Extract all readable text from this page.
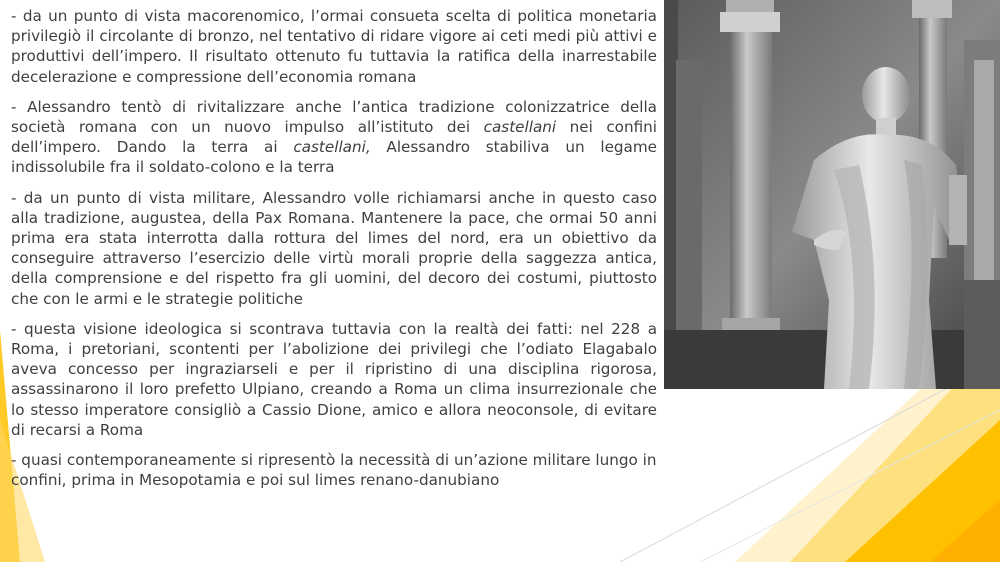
- da un punto di vista macorenomico, l’ormai consueta scelta di politica monetaria privilegiò il circolante di bronzo, nel tentativo di ridare vigore ai ceti medi più attivi e produttivi dell’impero. Il risultato ottenuto fu tuttavia la ratifica della inarrestabile decelerazione e compressione dell’economia romana

- Alessandro tentò di rivitalizzare anche l’antica tradizione colonizzatrice della società romana con un nuovo impulso all’istituto dei castellani nei confini dell’impero. Dando la terra ai castellani, Alessandro stabiliva un legame indissolubile fra il soldato-colono e la terra

- da un punto di vista militare, Alessandro volle richiamarsi anche in questo caso alla tradizione, augustea, della Pax Romana. Mantenere la pace, che ormai 50 anni prima era stata interrotta dalla rottura del limes del nord, era un obiettivo da conseguire attraverso l’esercizio delle virtù morali proprie della saggezza antica, della comprensione e del rispetto fra gli uomini, del decoro dei costumi, piuttosto che con le armi e le strategie politiche

- questa visione ideologica si scontrava tuttavia con la realtà dei fatti: nel 228 a Roma, i pretoriani, scontenti per l’abolizione dei privilegi che l’odiato Elagabalo aveva concesso per ingraziarseli e per il ripristino di una disciplina rigorosa, assassinarono il loro prefetto Ulpiano, creando a Roma un clima insurrezionale che lo stesso imperatore consigliò a Cassio Dione, amico e allora neoconsole, di evitare di recarsi a Roma

- quasi contemporaneamente si ripresentò la necessità di un’azione militare lungo in confini, prima in Mesopotamia e poi sul limes renano-danubiano
